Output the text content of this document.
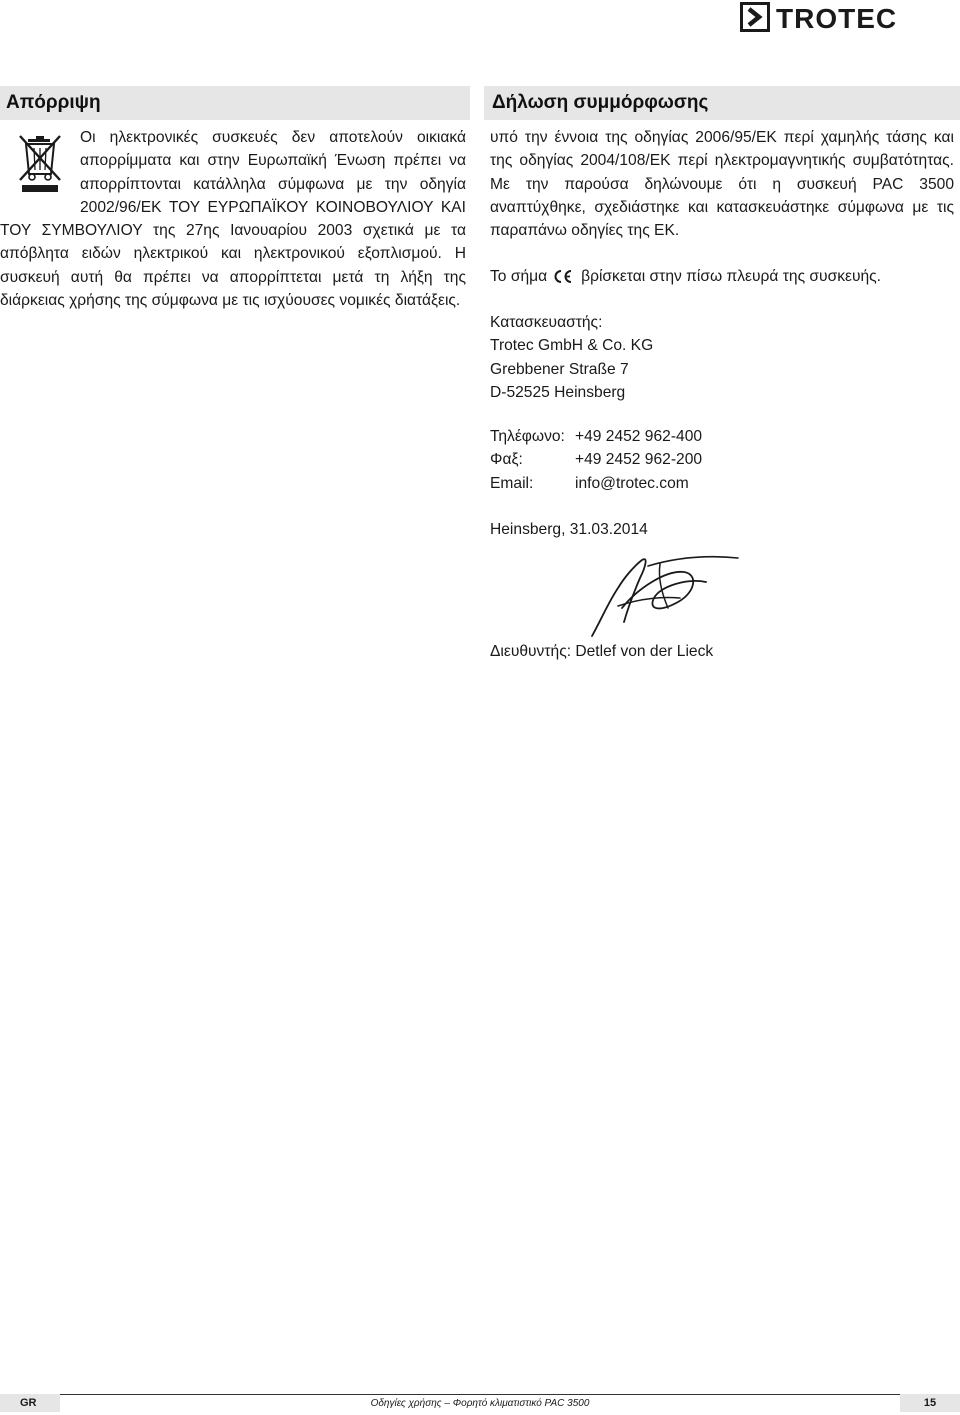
TROTEC
Απόρριψη	Δήλωση συμμόρφωσης

Οι ηλεκτρονικές συσκευές δεν αποτελούν οικιακά απορρίμματα και στην Ευρωπαϊκή Ένωση πρέπει να απορρίπτονται κατάλληλα σύμφωνα με την οδηγία 2002/96/ΕΚ ΤΟΥ ΕΥΡΩΠΑΪΚΟΥ ΚΟΙΝΟΒΟΥΛΙΟΥ ΚΑΙ ΤΟΥ ΣΥΜΒΟΥΛΙΟΥ της 27ης Ιανουαρίου 2003 σχετικά με τα απόβλητα ειδών ηλεκτρικού και ηλεκτρονικού εξοπλισμού. Η συσκευή αυτή θα πρέπει να απορρίπτεται μετά τη λήξη της διάρκειας χρήσης της σύμφωνα με τις ισχύουσες νομικές διατάξεις.

υπό την έννοια της οδηγίας 2006/95/ΕΚ περί χαμηλής τάσης και της οδηγίας 2004/108/ΕΚ περί ηλεκτρομαγνητικής συμβατότητας. Με την παρούσα δηλώνουμε ότι η συσκευή PAC 3500 αναπτύχθηκε, σχεδιάστηκε και κατασκευάστηκε σύμφωνα με τις παραπάνω οδηγίες της ΕΚ.

Το σήμα βρίσκεται στην πίσω πλευρά της συσκευής.
Κατασκευαστής:
Trotec GmbH & Co. KG
Grebbener Straße 7
D-52525 Heinsberg
Τηλέφωνο: +49 2452 962-400
Φαξ:	+49 2452 962-200
Email:	info@trotec.com
Heinsberg, 31.03.2014
Διευθυντής: Detlef von der Lieck
GR	Οδηγίες χρήσης – Φορητό κλιματιστικό PAC 3500	15
